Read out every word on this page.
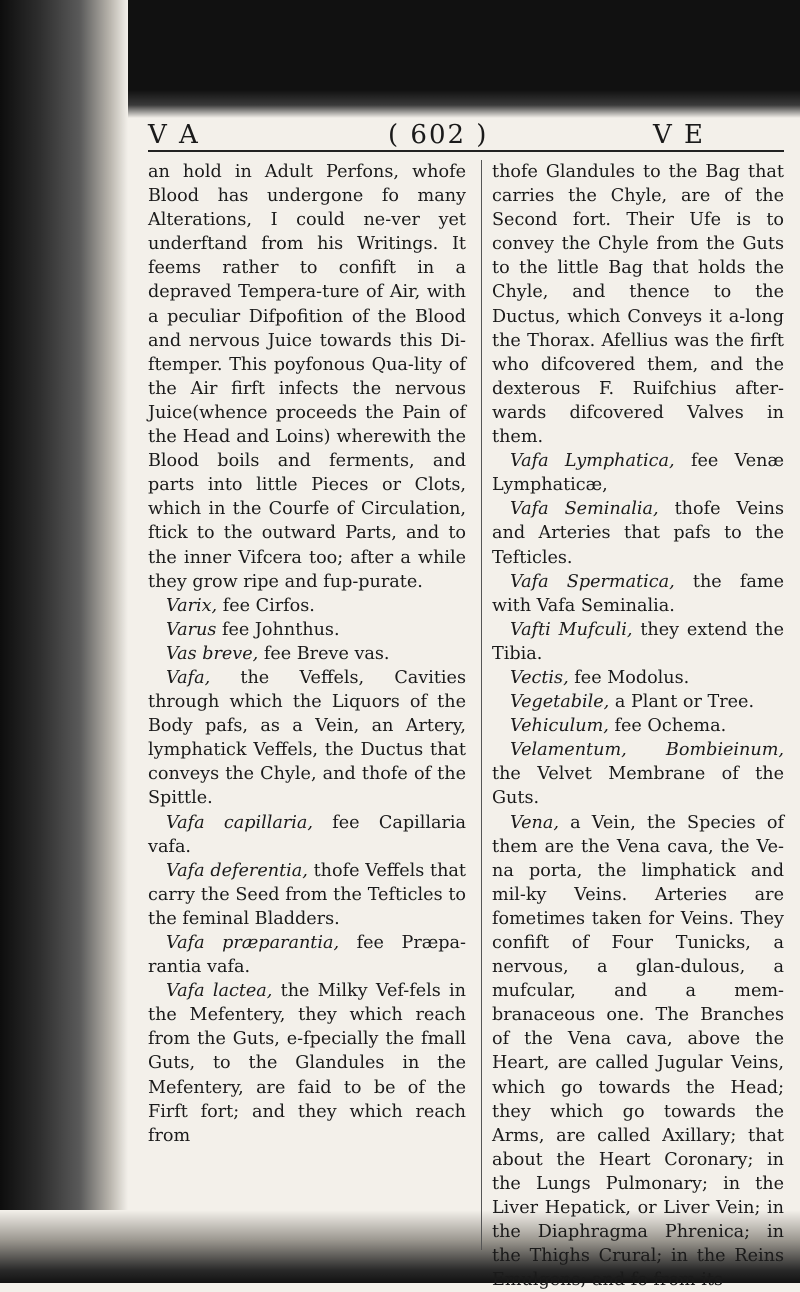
V A	( 602 )	V E

an hold in Adult Perfons, whofe Blood has undergone fo many Alterations, I could ne-ver yet underftand from his Writings. It feems rather to confift in a depraved Tempera-ture of Air, with a peculiar Difpofition of the Blood and nervous Juice towards this Di-ftemper. This poyfonous Qua-lity of the Air firft infects the nervous Juice(whence proceeds the Pain of the Head and Loins) wherewith the Blood boils and ferments, and parts into little Pieces or Clots, which in the Courfe of Circulation, ftick to the outward Parts, and to the inner Vifcera too; after a while they grow ripe and fup-purate.

Varix, fee Cirfos.

Varus fee Johnthus.

Vas breve, fee Breve vas.

Vafa, the Veffels, Cavities through which the Liquors of the Body pafs, as a Vein, an Artery, lymphatick Veffels, the Ductus that conveys the Chyle, and thofe of the Spittle.

Vafa capillaria, fee Capillaria vafa.

Vafa deferentia, thofe Veffels that carry the Seed from the Tefticles to the feminal Bladders.

Vafa præparantia, fee Præpa-rantia vafa.

Vafa lactea, the Milky Vef-fels in the Mefentery, they which reach from the Guts, e-fpecially the fmall Guts, to the Glandules in the Mefentery, are faid to be of the Firft fort; and they which reach from

thofe Glandules to the Bag that carries the Chyle, are of the Second fort. Their Ufe is to convey the Chyle from the Guts to the little Bag that holds the Chyle, and thence to the Ductus, which Conveys it a-long the Thorax. Afellius was the firft who difcovered them, and the dexterous F. Ruifchius after-wards difcovered Valves in them.

Vafa Lymphatica, fee Venæ Lymphaticæ,

Vafa Seminalia, thofe Veins and Arteries that pafs to the Tefticles.

Vafa Spermatica, the fame with Vafa Seminalia.

Vafti Mufculi, they extend the Tibia.

Vectis, fee Modolus.

Vegetabile, a Plant or Tree.

Vehiculum, fee Ochema.

Velamentum, Bombieinum, the Velvet Membrane of the Guts.

Vena, a Vein, the Species of them are the Vena cava, the Ve-na porta, the limphatick and mil-ky Veins. Arteries are fometimes taken for Veins. They confift of Four Tunicks, a nervous, a glan-dulous, a mufcular, and a mem-branaceous one. The Branches of the Vena cava, above the Heart, are called Jugular Veins, which go towards the Head; they which go towards the Arms, are called Axillary; that about the Heart Coronary; in the Lungs Pulmonary; in the Liver Hepatick, or Liver Vein; in the Diaphragma Phrenica; in the Thighs Crural; in the Reins Emulgens; and fo from its
